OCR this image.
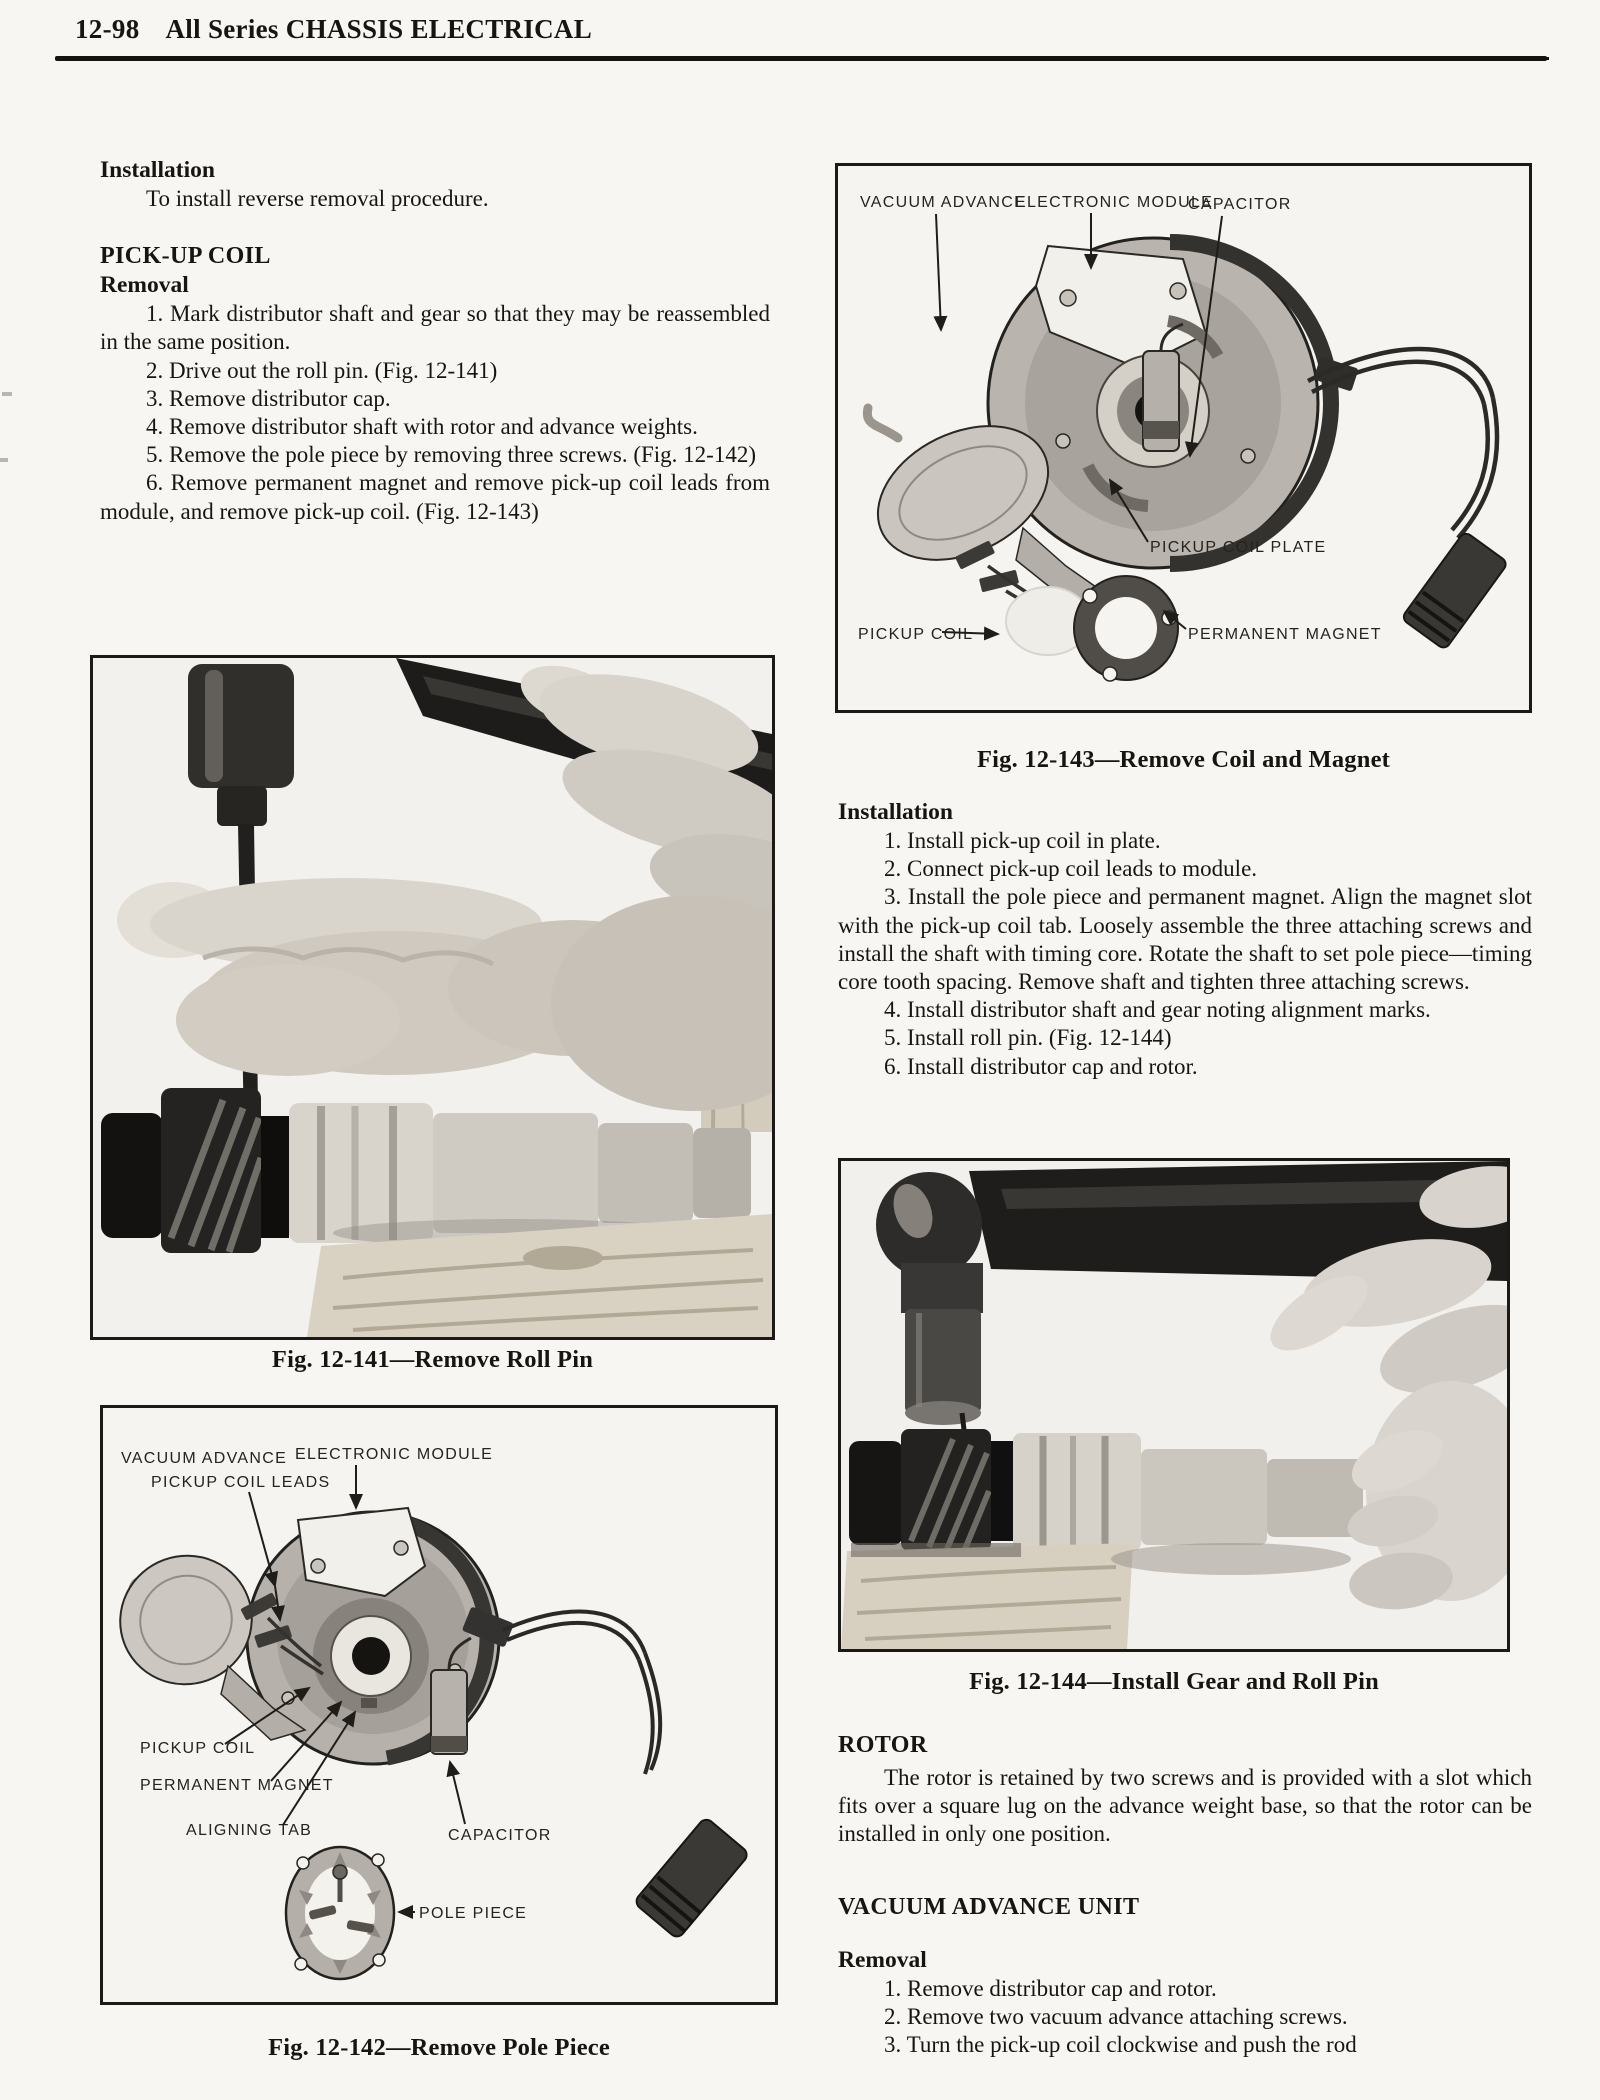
12-98 All Series CHASSIS ELECTRICAL
Installation

To install reverse removal procedure.

PICK-UP COIL
Removal

1. Mark distributor shaft and gear so that they may be reassembled in the same position.

2. Drive out the roll pin. (Fig. 12-141)

3. Remove distributor cap.

4. Remove distributor shaft with rotor and advance weights.

5. Remove the pole piece by removing three screws. (Fig. 12-142)

6. Remove permanent magnet and remove pick-up coil leads from module, and remove pick-up coil. (Fig. 12-143)

Fig. 12-141—Remove Roll Pin
VACUUM ADVANCE
PICKUP COIL LEADS
ELECTRONIC MODULE
PICKUP COIL
PERMANENT MAGNET
ALIGNING TAB	CAPACITOR
POLE PIECE
Fig. 12-142—Remove Pole Piece
VACUUM ADVANCE
ELECTRONIC MODULE
CAPACITOR
PICKUP COIL PLATE
PICKUP COIL	PERMANENT MAGNET
Fig. 12-143—Remove Coil and Magnet
Installation

1. Install pick-up coil in plate.

2. Connect pick-up coil leads to module.

3. Install the pole piece and permanent magnet. Align the magnet slot with the pick-up coil tab. Loosely assemble the three attaching screws and install the shaft with timing core. Rotate the shaft to set pole piece—timing core tooth spacing. Remove shaft and tighten three attaching screws.

4. Install distributor shaft and gear noting alignment marks.

5. Install roll pin. (Fig. 12-144)

6. Install distributor cap and rotor.

Fig. 12-144—Install Gear and Roll Pin
ROTOR

The rotor is retained by two screws and is provided with a slot which fits over a square lug on the advance weight base, so that the rotor can be installed in only one position.

VACUUM ADVANCE UNIT
Removal

1. Remove distributor cap and rotor.

2. Remove two vacuum advance attaching screws.

3. Turn the pick-up coil clockwise and push the rod
